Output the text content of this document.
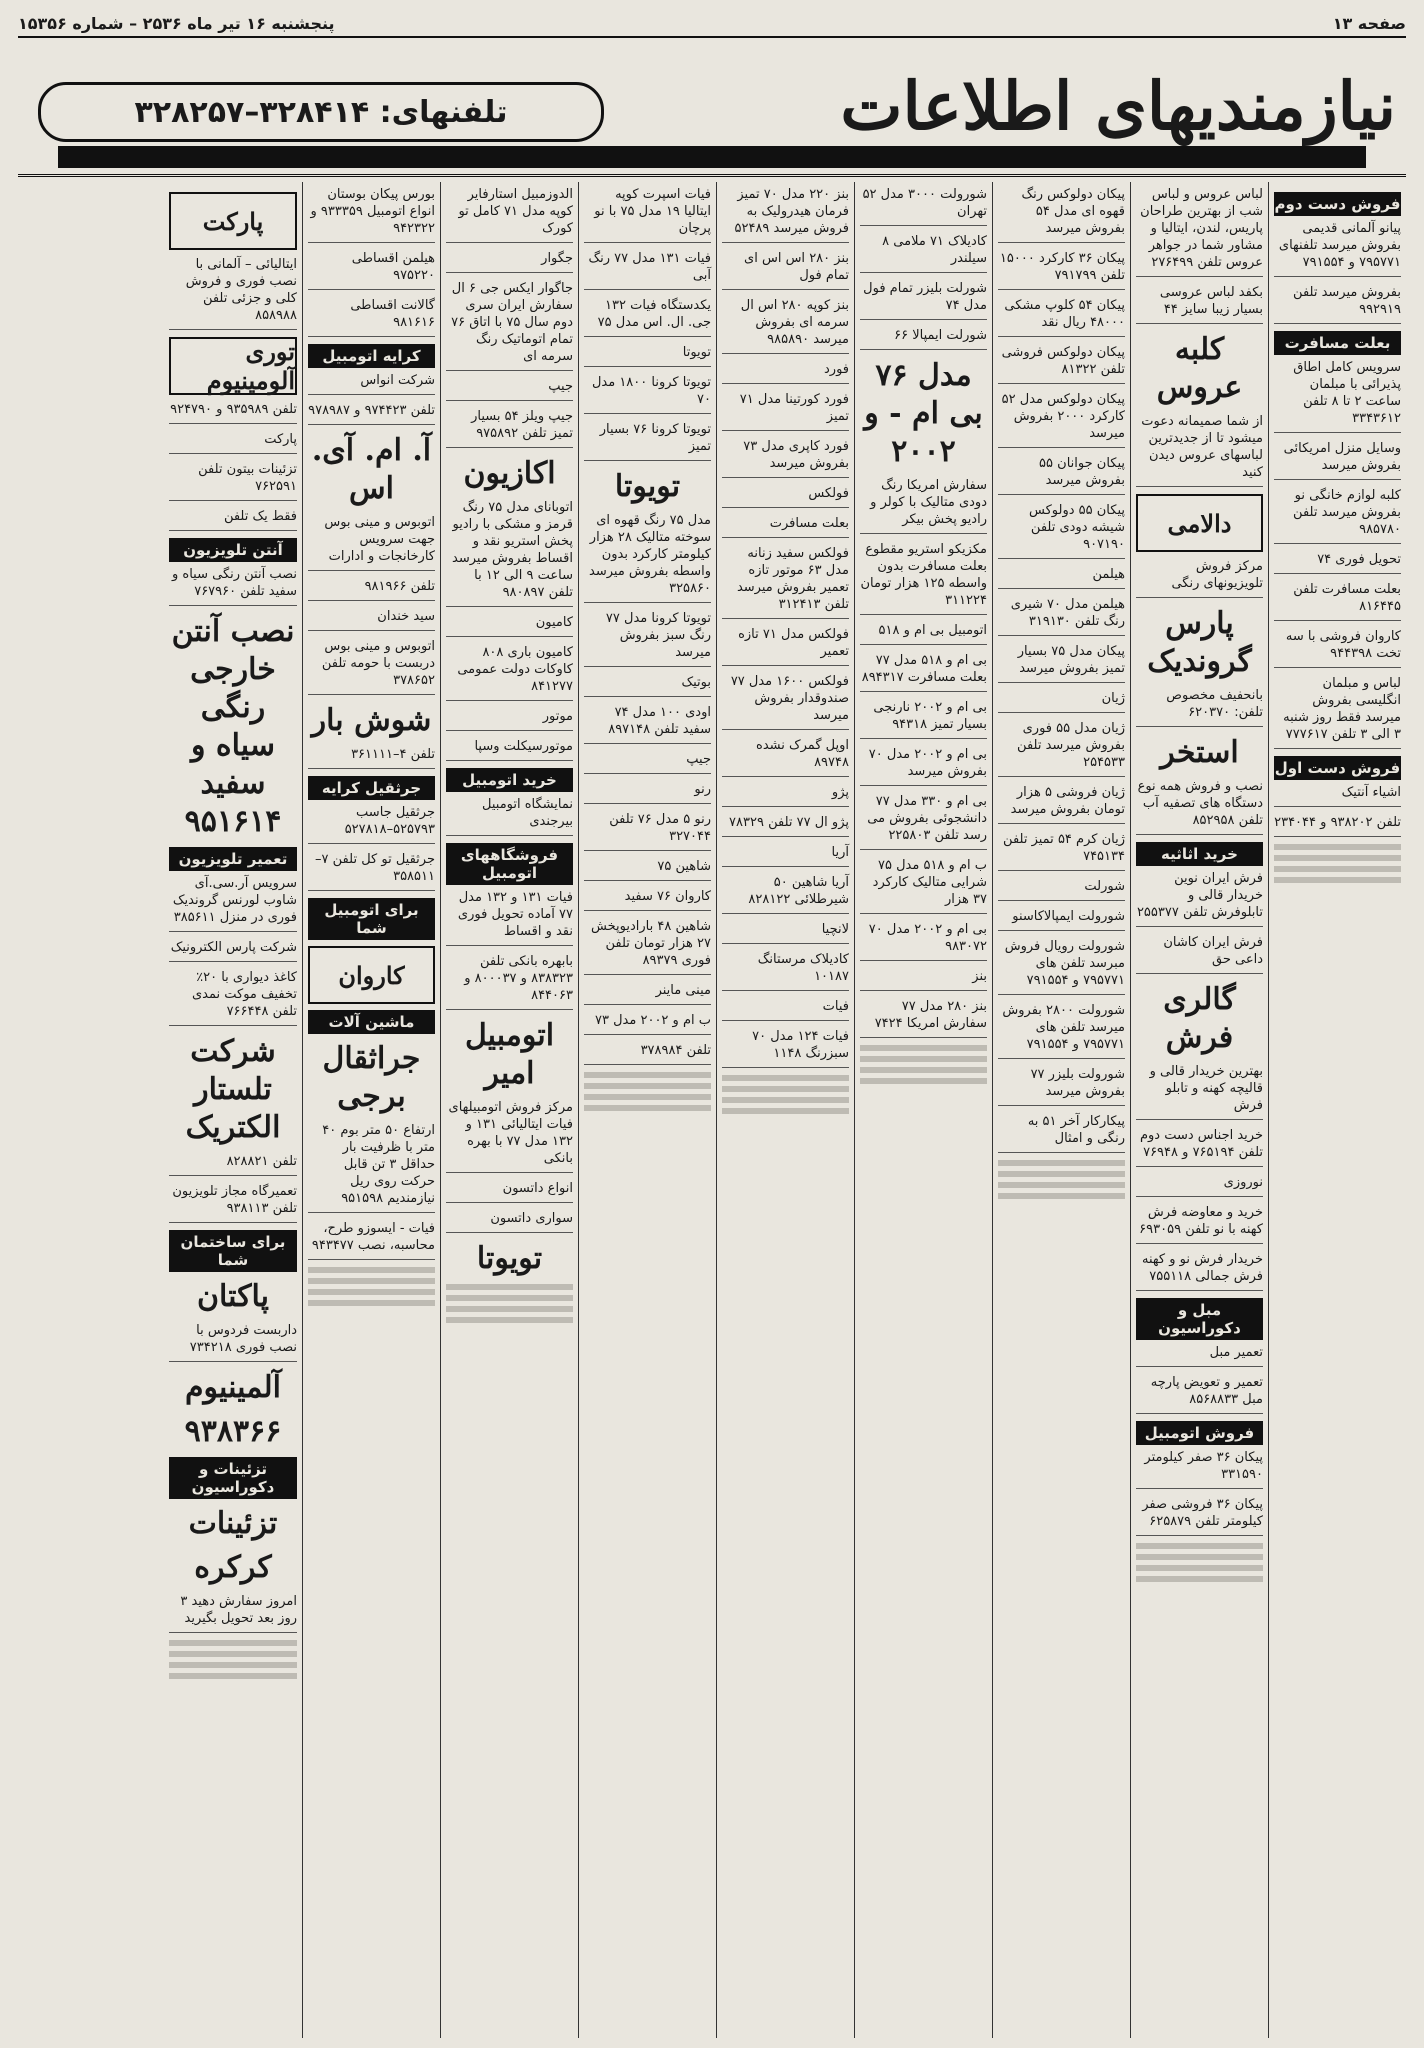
صفحه ۱۳
پنجشنبه ۱۶ تیر ماه ۲۵۳۶ – شماره ۱۵۳۵۶
نیازمندیهای اطلاعات
تلفنهای: ۳۲۸۴۱۴–۳۲۸۲۵۷
فروش دست دوم
پیانو آلمانی قدیمی بفروش میرسد تلفنهای ۷۹۵۷۷۱ و ۷۹۱۵۵۴
بفروش میرسد تلفن ۹۹۲۹۱۹
بعلت مسافرت
سرویس کامل اطاق پذیرائی با مبلمان ساعت ۲ تا ۸ تلفن ۳۳۴۳۶۱۲
وسایل منزل امریکائی بفروش میرسد
کلبه لوازم خانگی نو بفروش میرسد تلفن ۹۸۵۷۸۰
تحویل فوری ۷۴
بعلت مسافرت تلفن ۸۱۶۴۴۵
کاروان فروشی با سه تخت ۹۴۴۳۹۸
لباس و مبلمان انگلیسی بفروش میرسد فقط روز شنبه ۳ الی ۳ تلفن ۷۷۷۶۱۷
فروش دست اول
اشیاء آنتیک
تلفن ۹۳۸۲۰۲ و ۲۳۴۰۴۴
لباس عروس و لباس شب از بهترین طراحان پاریس، لندن، ایتالیا و مشاور شما در جواهر عروس تلفن ۲۷۶۴۹۹
بکفد لباس عروسی بسیار زیبا سایز ۴۴
کلبه عروس
از شما صمیمانه دعوت میشود تا از جدیدترین لباسهای عروس دیدن کنید
دالامی
مرکز فروش تلویزیونهای رنگی
پارس گروندیک
بانحفیف مخصوص تلفن: ۶۲۰۳۷۰
استخر
نصب و فروش همه نوع دستگاه های تصفیه آب تلفن ۸۵۲۹۵۸
خرید اثاثیه
فرش ایران نوین خریدار قالی و تابلوفرش تلفن ۲۵۵۳۷۷
فرش ایران کاشان داعی حق
گالری فرش
بهترین خریدار قالی و قالیچه کهنه و تابلو فرش
خرید اجناس دست دوم تلفن ۷۶۵۱۹۴ و ۷۶۹۴۸
نوروزی
خرید و معاوضه فرش کهنه با نو تلفن ۶۹۳۰۵۹
خریدار فرش نو و کهنه فرش جمالی ۷۵۵۱۱۸
مبل و دکوراسیون
تعمیر مبل
تعمیر و تعویض پارچه مبل ۸۵۶۸۸۳۳
فروش اتومبیل
پیکان ۳۶ صفر کیلومتر ۳۳۱۵۹۰
پیکان ۳۶ فروشی صفر کیلومتر تلفن ۶۲۵۸۷۹
پیکان دولوکس رنگ قهوه ای مدل ۵۴ بفروش میرسد
پیکان ۳۶ کارکرد ۱۵۰۰۰ تلفن ۷۹۱۷۹۹
پیکان ۵۴ کلوپ مشکی ۴۸۰۰۰ ریال نقد
پیکان دولوکس فروشی تلفن ۸۱۳۲۲
پیکان دولوکس مدل ۵۲ کارکرد ۲۰۰۰ بفروش میرسد
پیکان جوانان ۵۵ بفروش میرسد
پیکان ۵۵ دولوکس شیشه دودی تلفن ۹۰۷۱۹۰
هیلمن
هیلمن مدل ۷۰ شیری رنگ تلفن ۳۱۹۱۳۰
پیکان مدل ۷۵ بسیار تمیز بفروش میرسد
ژیان
ژیان مدل ۵۵ فوری بفروش میرسد تلفن ۲۵۴۵۳۳
ژیان فروشی ۵ هزار تومان بفروش میرسد
ژیان کرم ۵۴ تمیز تلفن ۷۴۵۱۳۴
شورلت
شورولت ایمپالاکاسنو
شورولت رویال فروش مبرسد تلفن های ۷۹۵۷۷۱ و ۷۹۱۵۵۴
شورولت ۲۸۰۰ بفروش میرسد تلفن های ۷۹۵۷۷۱ و ۷۹۱۵۵۴
شورولت بلیزر ۷۷ بفروش میرسد
پیکارکار آخر ۵۱ به رنگی و امثال
شورولت ۳۰۰۰ مدل ۵۲ تهران
کادیلاک ۷۱ ملامی ۸ سیلندر
شورلت بلیزر تمام فول مدل ۷۴
شورلت ایمپالا ۶۶
مدل ۷۶ بی ام - و ۲۰۰۲
سفارش امریکا رنگ دودی متالیک با کولر و رادیو پخش بیکر
مکزیکو استریو مقطوع بعلت مسافرت بدون واسطه ۱۲۵ هزار تومان ۳۱۱۲۲۴
اتومبیل بی ام و ۵۱۸
بی ام و ۵۱۸ مدل ۷۷ بعلت مسافرت ۸۹۴۳۱۷
بی ام و ۲۰۰۲ نارنجی بسیار تمیز ۹۴۳۱۸
بی ام و ۲۰۰۲ مدل ۷۰ بفروش میرسد
بی ام و ۳۳۰ مدل ۷۷ دانشجوئی بفروش می رسد تلفن ۲۲۵۸۰۳
ب ام و ۵۱۸ مدل ۷۵ شرایی متالیک کارکرد ۳۷ هزار
بی ام و ۲۰۰۲ مدل ۷۰ ۹۸۳۰۷۲
بنز
بنز ۲۸۰ مدل ۷۷ سفارش امریکا ۷۴۲۴
بنز ۲۲۰ مدل ۷۰ تمیز فرمان هیدرولیک به فروش میرسد ۵۲۴۸۹
بنز ۲۸۰ اس اس ای تمام فول
بنز کوپه ۲۸۰ اس ال سرمه ای بفروش میرسد ۹۸۵۸۹۰
فورد
فورد کورتینا مدل ۷۱ تمیز
فورد کاپری مدل ۷۳ بفروش میرسد
فولکس
بعلت مسافرت
فولکس سفید زنانه مدل ۶۳ موتور تازه تعمیر بفروش میرسد تلفن ۳۱۲۴۱۳
فولکس مدل ۷۱ تازه تعمیر
فولکس ۱۶۰۰ مدل ۷۷ صندوقدار بفروش میرسد
اوپل گمرک نشده ۸۹۷۴۸
پژو
پژو ال ۷۷ تلفن ۷۸۳۲۹
آریا
آریا شاهین ۵۰ شیرطلائی ۸۲۸۱۲۲
لانچیا
کادیلاک مرستانگ ۱۰۱۸۷
فیات
فیات ۱۲۴ مدل ۷۰ سبزرنگ ۱۱۴۸
فیات اسپرت کوپه ایتالیا ۱۹ مدل ۷۵ با نو پرچان
فیات ۱۳۱ مدل ۷۷ رنگ آبی
یکدستگاه فیات ۱۳۲ جی. ال. اس مدل ۷۵
تویوتا
تویوتا کرونا ۱۸۰۰ مدل ۷۰
تویوتا کرونا ۷۶ بسیار تمیز
تویوتا
مدل ۷۵ رنگ قهوه ای سوخته متالیک ۲۸ هزار کیلومتر کارکرد بدون واسطه بفروش میرسد ۳۲۵۸۶۰
تویوتا کرونا مدل ۷۷ رنگ سبز بفروش میرسد
بوتیک
اودی ۱۰۰ مدل ۷۴ سفید تلفن ۸۹۷۱۴۸
جیپ
رنو
رنو ۵ مدل ۷۶ تلفن ۳۲۷۰۴۴
شاهین ۷۵
کاروان ۷۶ سفید
شاهین ۴۸ بارادیوپخش ۲۷ هزار تومان تلفن فوری ۸۹۳۷۹
مینی ماینر
ب ام و ۲۰۰۲ مدل ۷۳
تلفن ۳۷۸۹۸۴
الدوزمبیل استارفایر کوپه مدل ۷۱ کامل تو کورک
جگوار
جاگوار ایکس جی ۶ ال سفارش ایران سری دوم سال ۷۵ با اتاق ۷۶ تمام اتوماتیک رنگ سرمه ای
جیپ
جیپ ویلز ۵۴ بسیار تمیز تلفن ۹۷۵۸۹۲
اکازیون
اتوبانای مدل ۷۵ رنگ قرمز و مشکی با رادیو پخش استریو نقد و اقساط بفروش میرسد ساعت ۹ الی ۱۲ با تلفن ۹۸۰۸۹۷
کامیون
کامیون باری ۸۰۸ کاوکات دولت عمومی ۸۴۱۲۷۷
موتور
موتورسیکلت وسپا
خرید اتومبیل
نمایشگاه اتومبیل بیرجندی
فروشگاههای اتومبیل
فیات ۱۳۱ و ۱۳۲ مدل ۷۷ آماده تحویل فوری نقد و اقساط
بابهره بانکی تلفن ۸۳۸۳۲۳ و ۸۰۰۰۳۷ و ۸۴۴۰۶۳
اتومبیل امیر
مرکز فروش اتومبیلهای فیات ایتالیائی ۱۳۱ و ۱۳۲ مدل ۷۷ با بهره بانکی
انواع داتسون
سواری داتسون
تویوتا
بورس پیکان بوستان انواع اتومبیل ۹۳۳۳۵۹ و ۹۴۲۳۲۲
هیلمن اقساطی ۹۷۵۲۲۰
گالانت اقساطی ۹۸۱۶۱۶
کرایه اتومبیل
شرکت انواس
تلفن ۹۷۴۴۲۳ و ۹۷۸۹۸۷
آ. ام. آی. اس
اتوبوس و مینی بوس جهت سرویس کارخانجات و ادارات
تلفن ۹۸۱۹۶۶
سید خندان
اتوبوس و مینی بوس دربست با حومه تلفن ۳۷۸۶۵۲
شوش بار
تلفن ۴–۳۶۱۱۱۱
جرثقیل کرایه
جرثقیل جاسب ۵۲۵۷۹۳–۵۲۷۸۱۸
جرثقیل تو کل تلفن ۷–۳۵۸۵۱۱
برای اتومبیل شما
کاروان
ماشین آلات
جراثقال برجی
ارتفاع ۵۰ متر بوم ۴۰ متر با ظرفیت بار حداقل ۳ تن قابل حرکت روی ریل نیازمندیم ۹۵۱۵۹۸
فیات - ایسوزو طرح، محاسبه، نصب ۹۴۳۴۷۷
پارکت
ایتالیائی – آلمانی با نصب فوری و فروش کلی و جزئی تلفن ۸۵۸۹۸۸
توری آلومینیوم
تلفن ۹۳۵۹۸۹ و ۹۲۴۷۹۰
پارکت
تزئینات بیتون تلفن ۷۶۲۵۹۱
فقط یک تلفن
آنتن تلویزیون
نصب آنتن رنگی سیاه و سفید تلفن ۷۶۷۹۶۰
نصب آنتن خارجی رنگی سیاه و سفید ۹۵۱۶۱۴
تعمیر تلویزیون
سرویس آر.سی.آی شاوب لورنس گروندیک فوری در منزل ۳۸۵۶۱۱
شرکت پارس الکترونیک
کاغذ دیواری با ۲۰٪ تخفیف موکت نمدی تلفن ۷۶۶۴۴۸
شرکت تلستار الکتریک
تلفن ۸۲۸۸۲۱
تعمیرگاه مجاز تلویزیون تلفن ۹۳۸۱۱۳
برای ساختمان شما
پاکتان
داربست فردوس با نصب فوری ۷۳۴۲۱۸
آلمینیوم
۹۳۸۳۶۶
تزئینات و دکوراسیون
تزئینات
کرکره
امروز سفارش دهید ۳ روز بعد تحویل بگیرید
